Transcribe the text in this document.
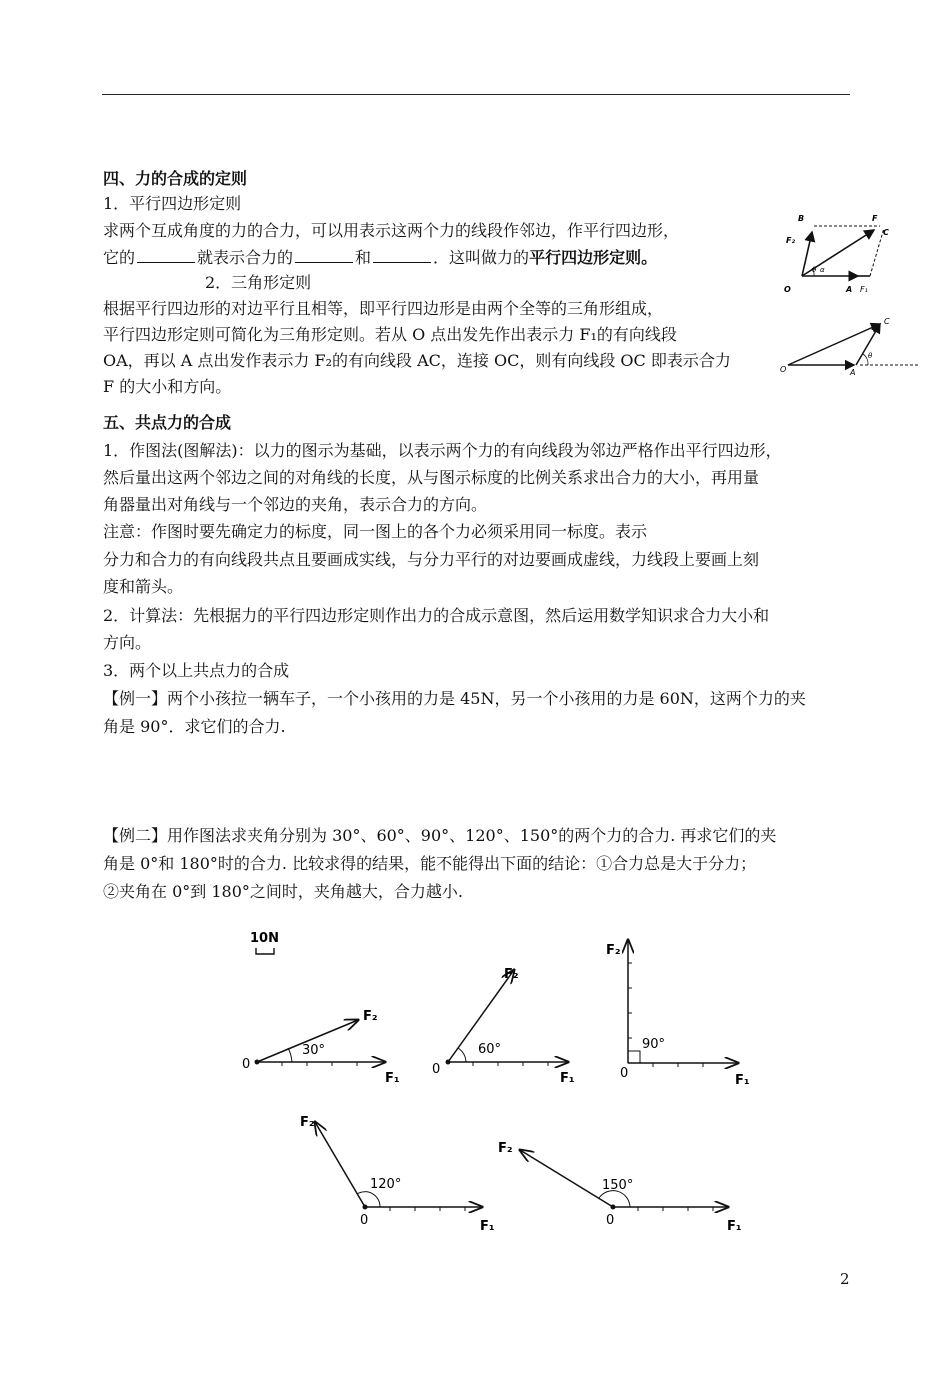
四、力的合成的定则
1．平行四边形定则
求两个互成角度的力的合力，可以用表示这两个力的线段作邻边，作平行四边形，
它的	就表示合力的	和	．这叫做力的平行四边形定则。
2．三角形定则
根据平行四边形的对边平行且相等，即平行四边形是由两个全等的三角形组成，
平行四边形定则可简化为三角形定则。若从 O 点出发先作出表示力 F₁的有向线段
OA，再以 A 点出发作表示力 F₂的有向线段 AC，连接 OC，则有向线段 OC 即表示合力
F 的大小和方向。
五、共点力的合成
1．作图法(图解法)：以力的图示为基础，以表示两个力的有向线段为邻边严格作出平行四边形，
然后量出这两个邻边之间的对角线的长度，从与图示标度的比例关系求出合力的大小，再用量
角器量出对角线与一个邻边的夹角，表示合力的方向。
注意：作图时要先确定力的标度，同一图上的各个力必须采用同一标度。表示
分力和合力的有向线段共点且要画成实线，与分力平行的对边要画成虚线，力线段上要画上刻
度和箭头。
2．计算法：先根据力的平行四边形定则作出力的合成示意图，然后运用数学知识求合力大小和
方向。
3．两个以上共点力的合成
【例一】两个小孩拉一辆车子，一个小孩用的力是 45N，另一个小孩用的力是 60N，这两个力的夹
角是 90°．求它们的合力.
【例二】用作图法求夹角分别为 30°、60°、90°、120°、150°的两个力的合力. 再求它们的夹
角是 0°和 180°时的合力. 比较求得的结果，能不能得出下面的结论：①合力总是大于分力；
②夹角在 0°到 180°之间时，夹角越大，合力越小.
B	F
F₂
C
O	A F₁
θ α
O	A
C
θ
10N
30°
0
F₁
F₂
60°
0
F₁
F₂
90°
0	F₁
F₂
120°
0	F₁
F₂
150°
0	F₁
F₂
2
